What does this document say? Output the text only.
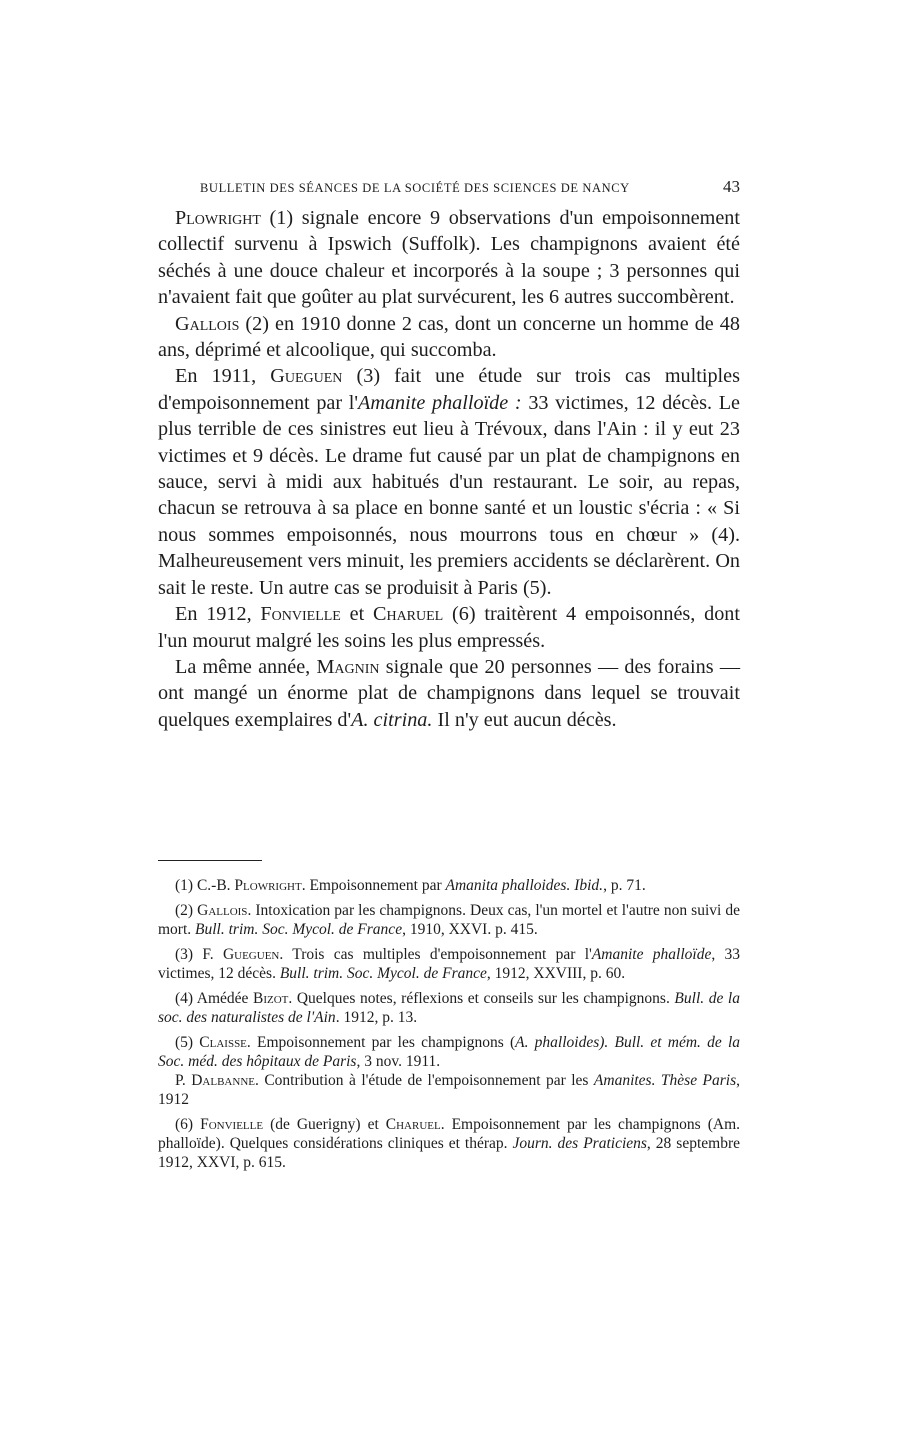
BULLETIN DES SÉANCES DE LA SOCIÉTÉ DES SCIENCES DE NANCY	43

Plowright (1) signale encore 9 observations d'un empoisonnement collectif survenu à Ipswich (Suffolk). Les champignons avaient été séchés à une douce chaleur et incorporés à la soupe ; 3 personnes qui n'avaient fait que goûter au plat survécurent, les 6 autres succombèrent.

Gallois (2) en 1910 donne 2 cas, dont un concerne un homme de 48 ans, déprimé et alcoolique, qui succomba.

En 1911, Gueguen (3) fait une étude sur trois cas multiples d'empoisonnement par l'Amanite phalloïde : 33 victimes, 12 décès. Le plus terrible de ces sinistres eut lieu à Trévoux, dans l'Ain : il y eut 23 victimes et 9 décès. Le drame fut causé par un plat de champignons en sauce, servi à midi aux habitués d'un restaurant. Le soir, au repas, chacun se retrouva à sa place en bonne santé et un loustic s'écria : « Si nous sommes empoisonnés, nous mourrons tous en chœur » (4). Malheureusement vers minuit, les premiers accidents se déclarèrent. On sait le reste. Un autre cas se produisit à Paris (5).

En 1912, Fonvielle et Charuel (6) traitèrent 4 empoisonnés, dont l'un mourut malgré les soins les plus empressés.

La même année, Magnin signale que 20 personnes — des forains — ont mangé un énorme plat de champignons dans lequel se trouvait quelques exemplaires d'A. citrina. Il n'y eut aucun décès.

(1) C.-B. Plowright. Empoisonnement par Amanita phalloides. Ibid., p. 71.

(2) Gallois. Intoxication par les champignons. Deux cas, l'un mortel et l'autre non suivi de mort. Bull. trim. Soc. Mycol. de France, 1910, XXVI. p. 415.

(3) F. Gueguen. Trois cas multiples d'empoisonnement par l'Amanite phalloïde, 33 victimes, 12 décès. Bull. trim. Soc. Mycol. de France, 1912, XXVIII, p. 60.

(4) Amédée Bizot. Quelques notes, réflexions et conseils sur les champignons. Bull. de la soc. des naturalistes de l'Ain. 1912, p. 13.

(5) Claisse. Empoisonnement par les champignons (A. phalloides). Bull. et mém. de la Soc. méd. des hôpitaux de Paris, 3 nov. 1911.

P. Dalbanne. Contribution à l'étude de l'empoisonnement par les Amanites. Thèse Paris, 1912

(6) Fonvielle (de Guerigny) et Charuel. Empoisonnement par les champignons (Am. phalloïde). Quelques considérations cliniques et thérap. Journ. des Praticiens, 28 septembre 1912, XXVI, p. 615.
